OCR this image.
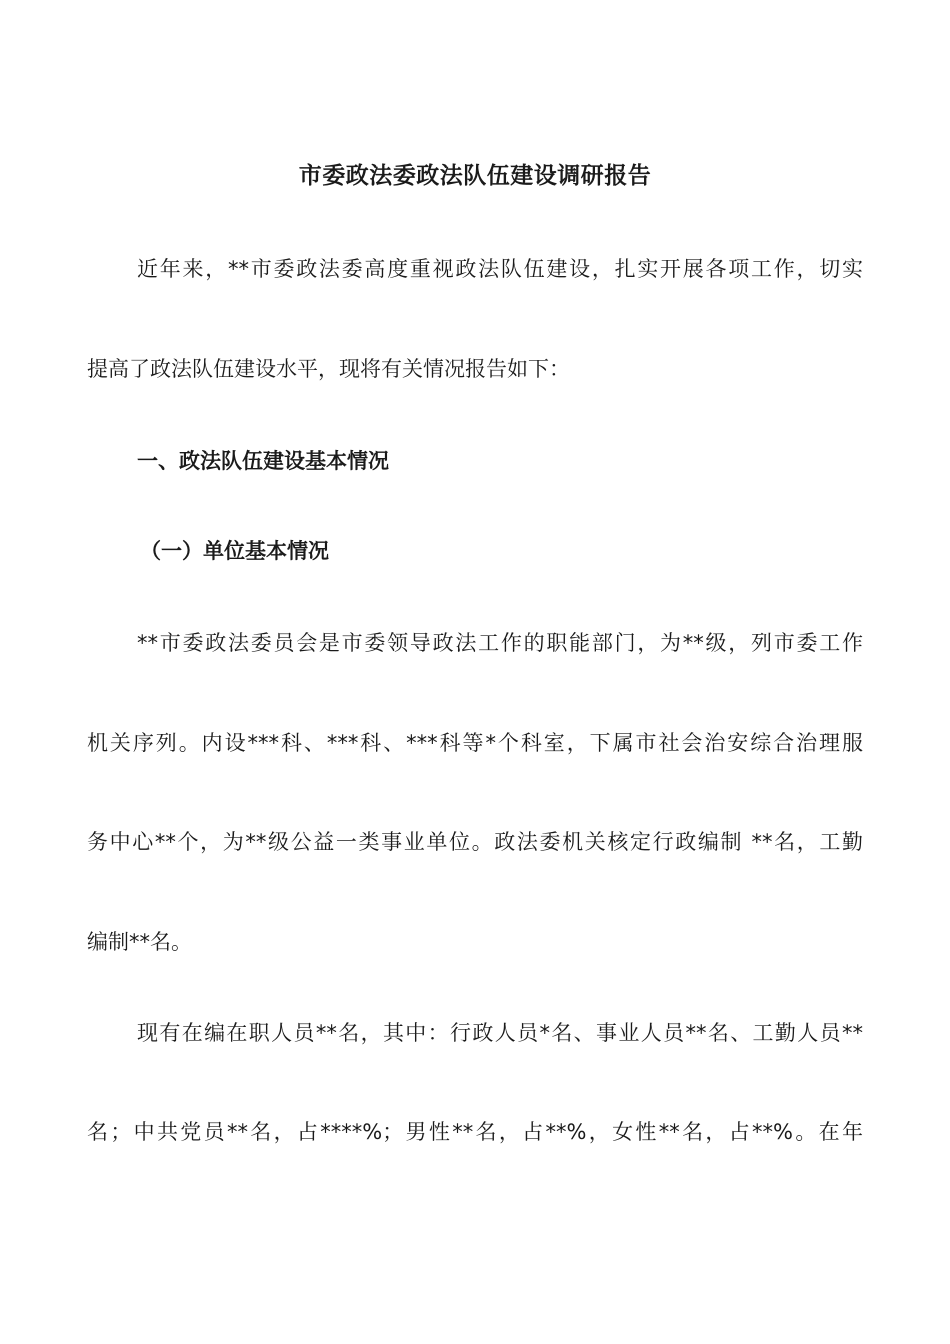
市委政法委政法队伍建设调研报告
近年来，**市委政法委高度重视政法队伍建设，扎实开展各项工作，切实
提高了政法队伍建设水平，现将有关情况报告如下：
一、政法队伍建设基本情况
（一）单位基本情况
**市委政法委员会是市委领导政法工作的职能部门，为**级，列市委工作
机关序列。内设***科、***科、***科等*个科室，下属市社会治安综合治理服
务中心**个，为**级公益一类事业单位。政法委机关核定行政编制 **名，工勤
编制**名。
现有在编在职人员**名，其中：行政人员*名、事业人员**名、工勤人员**
名；中共党员**名，占****%；男性**名，占**%，女性**名，占**%。在年
